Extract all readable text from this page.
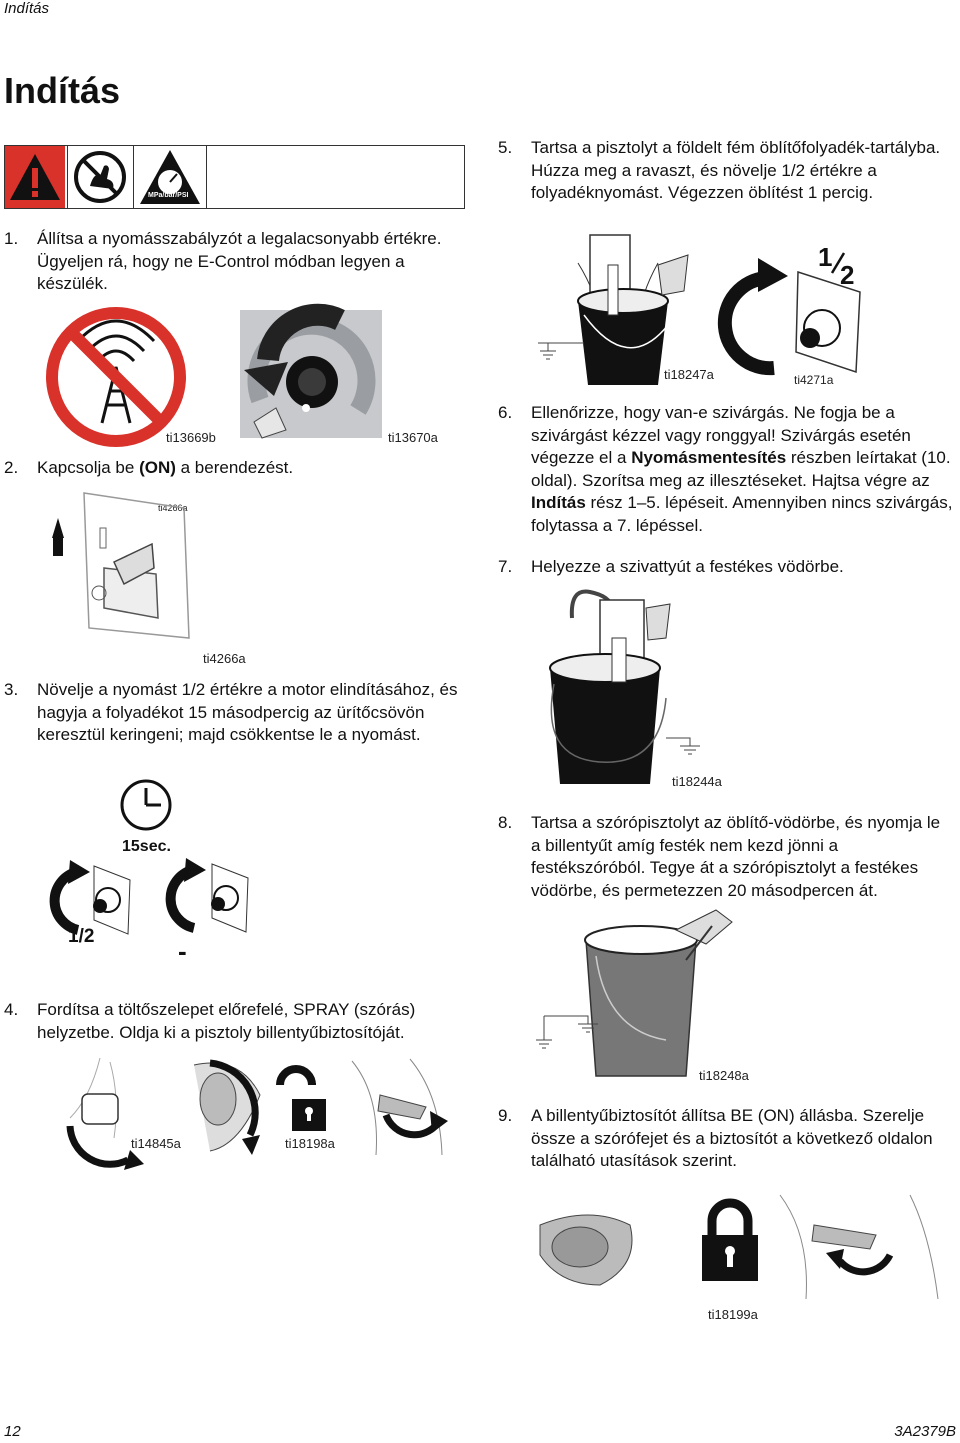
Indítás
Indítás
MPa/bar/PSI
1. Állítsa a nyomásszabályzót a legalacsonyabb értékre. Ügyeljen rá, hogy ne E-Control módban legyen a készülék.
ti13669b	ti13670a
2. Kapcsolja be (ON) a berendezést.
ti4266a
ti4266a
3. Növelje a nyomást 1/2 értékre a motor elindításához, és hagyja a folyadékot 15 másodpercig az ürítőcsövön keresztül keringeni; majd csökkentse le a nyomást.
15sec.
1/2	-
4. Fordítsa a töltőszelepet előrefelé, SPRAY (szórás) helyzetbe. Oldja ki a pisztoly billentyűbiztosítóját.
ti14845a	ti18198a
5. Tartsa a pisztolyt a földelt fém öblítőfolyadék-tartályba. Húzza meg a ravaszt, és növelje 1/2 értékre a folyadéknyomást. Végezzen öblítést 1 percig.
ti18247a
1
2
ti4271a
6. Ellenőrizze, hogy van-e szivárgás. Ne fogja be a szivárgást kézzel vagy ronggyal! Szivárgás esetén végezze el a Nyomásmentesítés részben leírtakat (10. oldal). Szorítsa meg az illesztéseket. Hajtsa végre az Indítás rész 1–5. lépéseit. Amennyiben nincs szivárgás, folytassa a 7. lépéssel.
7. Helyezze a szivattyút a festékes vödörbe.
ti18244a
8. Tartsa a szórópisztolyt az öblítő-vödörbe, és nyomja le a billentyűt amíg festék nem kezd jönni a festékszóróból. Tegye át a szórópisztolyt a festékes vödörbe, és permetezzen 20 másodpercen át.
ti18248a
9. A billentyűbiztosítót állítsa BE (ON) állásba. Szerelje össze a szórófejet és a biztosítót a következő oldalon található utasítások szerint.
ti18199a
12	3A2379B
